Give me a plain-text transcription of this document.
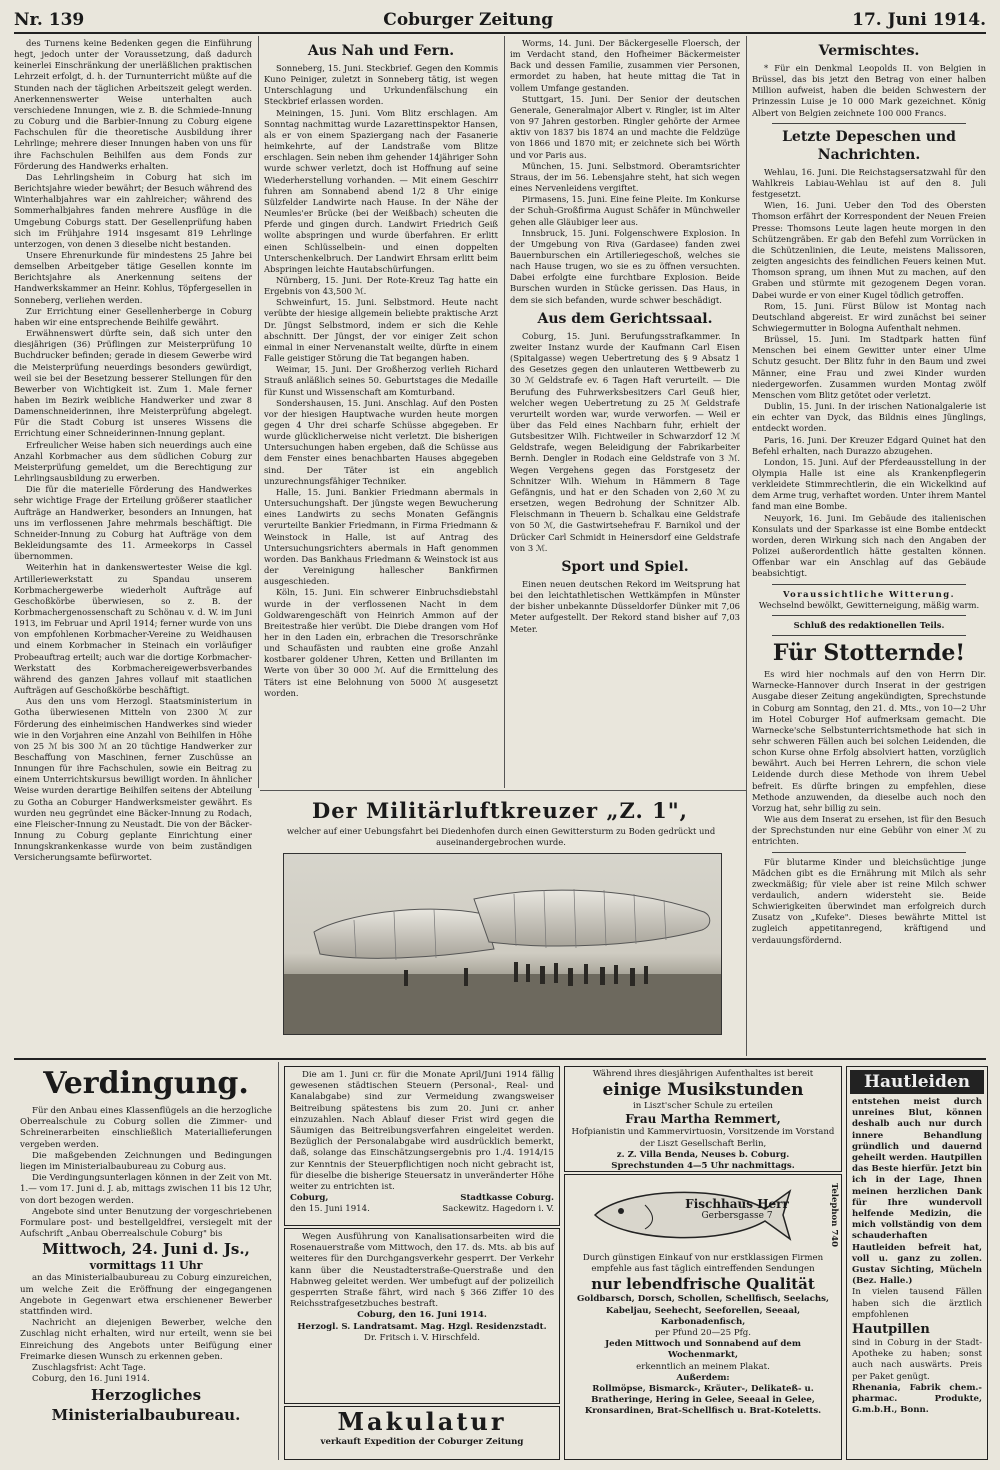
Nr. 139	Coburger Zeitung	17. Juni 1914.

des Turnens keine Bedenken gegen die Einführung hegt, jedoch unter der Voraussetzung, daß dadurch keinerlei Einschränkung der unerläßlichen praktischen Lehrzeit erfolgt, d. h. der Turnunterricht müßte auf die Stunden nach der täglichen Arbeitszeit gelegt werden. Anerkennenswerter Weise unterhalten auch verschiedene Innungen, wie z. B. die Schmiede-Innung zu Coburg und die Barbier-Innung zu Coburg eigene Fachschulen für die theoretische Ausbildung ihrer Lehrlinge; mehrere dieser Innungen haben von uns für ihre Fachschulen Beihilfen aus dem Fonds zur Förderung des Handwerks erhalten.

Das Lehrlingsheim in Coburg hat sich im Berichtsjahre wieder bewährt; der Besuch während des Winterhalbjahres war ein zahlreicher; während des Sommerhalbjahres fanden mehrere Ausflüge in die Umgebung Coburgs statt. Der Gesellenprüfung haben sich im Frühjahre 1914 insgesamt 819 Lehrlinge unterzogen, von denen 3 dieselbe nicht bestanden.

Unsere Ehrenurkunde für mindestens 25 Jahre bei demselben Arbeitgeber tätige Gesellen konnte im Berichtsjahre als Anerkennung seitens der Handwerkskammer an Heinr. Kohlus, Töpfergesellen in Sonneberg, verliehen werden.

Zur Errichtung einer Gesellenherberge in Coburg haben wir eine entsprechende Beihilfe gewährt.

Erwähnenswert dürfte sein, daß sich unter den diesjährigen (36) Prüflingen zur Meisterprüfung 10 Buchdrucker befinden; gerade in diesem Gewerbe wird die Meisterprüfung neuerdings besonders gewürdigt, weil sie bei der Besetzung besserer Stellungen für den Bewerber von Wichtigkeit ist. Zum 1. Male ferner haben im Bezirk weibliche Handwerker und zwar 8 Damenschneiderinnen, ihre Meisterprüfung abgelegt. Für die Stadt Coburg ist unseres Wissens die Errichtung einer Schneiderinnen-Innung geplant.

Erfreulicher Weise haben sich neuerdings auch eine Anzahl Korbmacher aus dem südlichen Coburg zur Meisterprüfung gemeldet, um die Berechtigung zur Lehrlingsausbildung zu erwerben.

Die für die materielle Förderung des Handwerkes sehr wichtige Frage der Erteilung größerer staatlicher Aufträge an Handwerker, besonders an Innungen, hat uns im verflossenen Jahre mehrmals beschäftigt. Die Schneider-Innung zu Coburg hat Aufträge von dem Bekleidungsamte des 11. Armeekorps in Cassel übernommen.

Weiterhin hat in dankenswertester Weise die kgl. Artilleriewerkstatt zu Spandau unserem Korbmachergewerbe wiederholt Aufträge auf Geschoßkörbe überwiesen, so z. B. der Korbmachergenossenschaft zu Schönau v. d. W. im Juni 1913, im Februar und April 1914; ferner wurde von uns von empfohlenen Korbmacher-Vereine zu Weidhausen und einem Korbmacher in Steinach ein vorläufiger Probeauftrag erteilt; auch war die dortige Korbmacher-Werkstatt des Korbmachereigewerbsverbandes während des ganzen Jahres vollauf mit staatlichen Aufträgen auf Geschoßkörbe beschäftigt.

Aus den uns vom Herzogl. Staatsministerium in Gotha überwiesenen Mitteln von 2300 ℳ zur Förderung des einheimischen Handwerkes sind wieder wie in den Vorjahren eine Anzahl von Beihilfen in Höhe von 25 ℳ bis 300 ℳ an 20 tüchtige Handwerker zur Beschaffung von Maschinen, ferner Zuschüsse an Innungen für ihre Fachschulen, sowie ein Beitrag zu einem Unterrichtskursus bewilligt worden. In ähnlicher Weise wurden derartige Beihilfen seitens der Abteilung zu Gotha an Coburger Handwerksmeister gewährt. Es wurden neu gegründet eine Bäcker-Innung zu Rodach, eine Fleischer-Innung zu Neustadt. Die von der Bäcker-Innung zu Coburg geplante Einrichtung einer Innungskrankenkasse wurde von beim zuständigen Versicherungsamte befürwortet.

Aus Nah und Fern.

Sonneberg, 15. Juni. Steckbrief. Gegen den Kommis Kuno Peiniger, zuletzt in Sonneberg tätig, ist wegen Unterschlagung und Urkundenfälschung ein Steckbrief erlassen worden.

Meiningen, 15. Juni. Vom Blitz erschlagen. Am Sonntag nachmittag wurde Lazarettinspektor Hansen, als er von einem Spaziergang nach der Fasanerie heimkehrte, auf der Landstraße vom Blitze erschlagen. Sein neben ihm gehender 14jähriger Sohn wurde schwer verletzt, doch ist Hoffnung auf seine Wiederherstellung vorhanden. — Mit einem Geschirr fuhren am Sonnabend abend 1/2 8 Uhr einige Sülzfelder Landwirte nach Hause. In der Nähe der Neumles'er Brücke (bei der Weißbach) scheuten die Pferde und gingen durch. Landwirt Friedrich Geiß wollte abspringen und wurde überfahren. Er erlitt einen Schlüsselbein- und einen doppelten Unterschenkelbruch. Der Landwirt Ehrsam erlitt beim Abspringen leichte Hautabschürfungen.

Nürnberg, 15. Juni. Der Rote-Kreuz Tag hatte ein Ergebnis von 43,500 ℳ.

Schweinfurt, 15. Juni. Selbstmord. Heute nacht verübte der hiesige allgemein beliebte praktische Arzt Dr. Jüngst Selbstmord, indem er sich die Kehle abschnitt. Der Jüngst, der vor einiger Zeit schon einmal in einer Nervenanstalt weilte, dürfte in einem Falle geistiger Störung die Tat begangen haben.

Weimar, 15. Juni. Der Großherzog verlieh Richard Strauß anläßlich seines 50. Geburtstages die Medaille für Kunst und Wissenschaft am Komturband.

Sondershausen, 15. Juni. Anschlag. Auf den Posten vor der hiesigen Hauptwache wurden heute morgen gegen 4 Uhr drei scharfe Schüsse abgegeben. Er wurde glücklicherweise nicht verletzt. Die bisherigen Untersuchungen haben ergeben, daß die Schüsse aus dem Fenster eines benachbarten Hauses abgegeben sind. Der Täter ist ein angeblich unzurechnungsfähiger Techniker.

Halle, 15. Juni. Bankier Friedmann abermals in Untersuchungshaft. Der jüngste wegen Bewucherung eines Landwirts zu sechs Monaten Gefängnis verurteilte Bankier Friedmann, in Firma Friedmann & Weinstock in Halle, ist auf Antrag des Untersuchungsrichters abermals in Haft genommen worden. Das Bankhaus Friedmann & Weinstock ist aus der Vereinigung hallescher Bankfirmen ausgeschieden.

Köln, 15. Juni. Ein schwerer Einbruchsdiebstahl wurde in der verflossenen Nacht in dem Goldwarengeschäft von Heinrich Ammon auf der Breitestraße hier verübt. Die Diebe drangen vom Hof her in den Laden ein, erbrachen die Tresorschränke und Schaufästen und raubten eine große Anzahl kostbarer goldener Uhren, Ketten und Brillanten im Werte von über 30 000 ℳ. Auf die Ermittelung des Täters ist eine Belohnung von 5000 ℳ ausgesetzt worden.

Worms, 14. Juni. Der Bäckergeselle Floersch, der im Verdacht stand, den Hofheimer Bäckermeister Back und dessen Familie, zusammen vier Personen, ermordet zu haben, hat heute mittag die Tat in vollem Umfange gestanden.

Stuttgart, 15. Juni. Der Senior der deutschen Generale, Generalmajor Albert v. Ringler, ist im Alter von 97 Jahren gestorben. Ringler gehörte der Armee aktiv von 1837 bis 1874 an und machte die Feldzüge von 1866 und 1870 mit; er zeichnete sich bei Wörth und vor Paris aus.

München, 15. Juni. Selbstmord. Oberamtsrichter Straus, der im 56. Lebensjahre steht, hat sich wegen eines Nervenleidens vergiftet.

Pirmasens, 15. Juni. Eine feine Pleite. Im Konkurse der Schuh-Großfirma August Schäfer in Münchweiler gehen alle Gläubiger leer aus.

Innsbruck, 15. Juni. Folgenschwere Explosion. In der Umgebung von Riva (Gardasee) fanden zwei Bauernburschen ein Artilleriegeschoß, welches sie nach Hause trugen, wo sie es zu öffnen versuchten. Dabei erfolgte eine furchtbare Explosion. Beide Burschen wurden in Stücke gerissen. Das Haus, in dem sie sich befanden, wurde schwer beschädigt.

Aus dem Gerichtssaal.

Coburg, 15. Juni. Berufungsstrafkammer. In zweiter Instanz wurde der Kaufmann Carl Eisen (Spitalgasse) wegen Uebertretung des § 9 Absatz 1 des Gesetzes gegen den unlauteren Wettbewerb zu 30 ℳ Geldstrafe ev. 6 Tagen Haft verurteilt. — Die Berufung des Fuhrwerksbesitzers Carl Geuß hier, welcher wegen Uebertretung zu 25 ℳ Geldstrafe verurteilt worden war, wurde verworfen. — Weil er über das Feld eines Nachbarn fuhr, erhielt der Gutsbesitzer Wilh. Fichtweiler in Schwarzdorf 12 ℳ Geldstrafe, wegen Beleidigung der Fabrikarbeiter Bernh. Dengler in Rodach eine Geldstrafe von 3 ℳ. Wegen Vergehens gegen das Forstgesetz der Schnitzer Wilh. Wiehum in Hämmern 8 Tage Gefängnis, und hat er den Schaden von 2,60 ℳ zu ersetzen, wegen Bedrohung der Schnitzer Alb. Fleischmann in Theuern b. Schalkau eine Geldstrafe von 50 ℳ, die Gastwirtsehefrau F. Barnikol und der Drücker Carl Schmidt in Heinersdorf eine Geldstrafe von 3 ℳ.

Sport und Spiel.

Einen neuen deutschen Rekord im Weitsprung hat bei den leichtathletischen Wettkämpfen in Münster der bisher unbekannte Düsseldorfer Dünker mit 7,06 Meter aufgestellt. Der Rekord stand bisher auf 7,03 Meter.

Vermischtes.

* Für ein Denkmal Leopolds II. von Belgien in Brüssel, das bis jetzt den Betrag von einer halben Million aufweist, haben die beiden Schwestern der Prinzessin Luise je 10 000 Mark gezeichnet. König Albert von Belgien zeichnete 100 000 Francs.

Letzte Depeschen und Nachrichten.

Wehlau, 16. Juni. Die Reichstagsersatzwahl für den Wahlkreis Labiau-Wehlau ist auf den 8. Juli festgesetzt.

Wien, 16. Juni. Ueber den Tod des Obersten Thomson erfährt der Korrespondent der Neuen Freien Presse: Thomsons Leute lagen heute morgen in den Schützengräben. Er gab den Befehl zum Vorrücken in die Schützenlinien, die Leute, meistens Malissoren, zeigten angesichts des feindlichen Feuers keinen Mut. Thomson sprang, um ihnen Mut zu machen, auf den Graben und stürmte mit gezogenem Degen voran. Dabei wurde er von einer Kugel tödlich getroffen.

Rom, 15. Juni. Fürst Bülow ist Montag nach Deutschland abgereist. Er wird zunächst bei seiner Schwiegermutter in Bologna Aufenthalt nehmen.

Brüssel, 15. Juni. Im Stadtpark hatten fünf Menschen bei einem Gewitter unter einer Ulme Schutz gesucht. Der Blitz fuhr in den Baum und zwei Männer, eine Frau und zwei Kinder wurden niedergeworfen. Zusammen wurden Montag zwölf Menschen vom Blitz getötet oder verletzt.

Dublin, 15. Juni. In der irischen Nationalgalerie ist ein echter van Dyck, das Bildnis eines Jünglings, entdeckt worden.

Paris, 16. Juni. Der Kreuzer Edgard Quinet hat den Befehl erhalten, nach Durazzo abzugehen.

London, 15. Juni. Auf der Pferdeausstellung in der Olympia Halle ist eine als Krankenpflegerin verkleidete Stimmrechtlerin, die ein Wickelkind auf dem Arme trug, verhaftet worden. Unter ihrem Mantel fand man eine Bombe.

Neuyork, 16. Juni. Im Gebäude des italienischen Konsulats und der Sparkasse ist eine Bombe entdeckt worden, deren Wirkung sich nach den Angaben der Polizei außerordentlich hätte gestalten können. Offenbar war ein Anschlag auf das Gebäude beabsichtigt.

Voraussichtliche Witterung.

Wechselnd bewölkt, Gewitterneigung, mäßig warm.

Schluß des redaktionellen Teils.

Für Stotternde!

Es wird hier nochmals auf den von Herrn Dir. Warnecke-Hannover durch Inserat in der gestrigen Ausgabe dieser Zeitung angekündigten, Sprechstunde in Coburg am Sonntag, den 21. d. Mts., von 10—2 Uhr im Hotel Coburger Hof aufmerksam gemacht. Die Warnecke'sche Selbstunterrichtsmethode hat sich in sehr schweren Fällen auch bei solchen Leidenden, die schon Kurse ohne Erfolg absolviert hatten, vorzüglich bewährt. Auch bei Herren Lehrern, die schon viele Leidende durch diese Methode von ihrem Uebel befreit. Es dürfte bringen zu empfehlen, diese Methode anzuwenden, da dieselbe auch noch den Vorzug hat, sehr billig zu sein.

Wie aus dem Inserat zu ersehen, ist für den Besuch der Sprechstunden nur eine Gebühr von einer ℳ zu entrichten.

Für blutarme Kinder und bleichsüchtige junge Mädchen gibt es die Ernährung mit Milch als sehr zweckmäßig; für viele aber ist reine Milch schwer verdaulich, andern widersteht sie. Beide Schwierigkeiten überwindet man erfolgreich durch Zusatz von „Kufeke". Dieses bewährte Mittel ist zugleich appetitanregend, kräftigend und verdauungsfördernd.

Der Militärluftkreuzer „Z. 1",
welcher auf einer Uebungsfahrt bei Diedenhofen durch einen Gewittersturm zu Boden gedrückt und auseinandergebrochen wurde.
Verdingung.

Für den Anbau eines Klassenflügels an die herzogliche Oberrealschule zu Coburg sollen die Zimmer- und Schreinerarbeiten einschließlich Materiallieferungen vergeben werden.

Die maßgebenden Zeichnungen und Bedingungen liegen im Ministerialbaubureau zu Coburg aus.

Die Verdingungsunterlagen können in der Zeit von Mt. 1.— vom 17. Juni d. J. ab, mittags zwischen 11 bis 12 Uhr, von dort bezogen werden.

Angebote sind unter Benutzung der vorgeschriebenen Formulare post- und bestellgeldfrei, versiegelt mit der Aufschrift „Anbau Oberrealschule Coburg" bis

Mittwoch, 24. Juni d. Js.,

vormittags 11 Uhr

an das Ministerialbaubureau zu Coburg einzureichen, um welche Zeit die Eröffnung der eingegangenen Angebote in Gegenwart etwa erschienener Bewerber stattfinden wird.

Nachricht an diejenigen Bewerber, welche den Zuschlag nicht erhalten, wird nur erteilt, wenn sie bei Einreichung des Angebots unter Beifügung einer Freimarke diesen Wunsch zu erkennen geben.

Zuschlagsfrist: Acht Tage.

Coburg, den 16. Juni 1914.

Herzogliches Ministerialbaubureau.

Die am 1. Juni cr. für die Monate April/Juni 1914 fällig gewesenen städtischen Steuern (Personal-, Real- und Kanalabgabe) sind zur Vermeidung zwangsweiser Beitreibung spätestens bis zum 20. Juni cr. anher einzuzahlen. Nach Ablauf dieser Frist wird gegen die Säumigen das Beitreibungsverfahren eingeleitet werden. Bezüglich der Personalabgabe wird ausdrücklich bemerkt, daß, solange das Einschätzungsergebnis pro 1./4. 1914/15 zur Kenntnis der Steuerpflichtigen noch nicht gebracht ist, für dieselbe die bisherige Steuersatz in unveränderter Höhe weiter zu entrichten ist.

Coburg,	Stadtkasse Coburg.

den 15. Juni 1914.	Sackewitz. Hagedorn i. V.

Wegen Ausführung von Kanalisationsarbeiten wird die Rosenauerstraße vom Mittwoch, den 17. ds. Mts. ab bis auf weiteres für den Durchgangsverkehr gesperrt. Der Verkehr kann über die Neustadterstraße-Querstraße und den Habnweg geleitet werden. Wer umbefugt auf der polizeilich gesperrten Straße fährt, wird nach § 366 Ziffer 10 des Reichsstrafgesetzbuches bestraft.

Coburg, den 16. Juni 1914.

Herzogl. S. Landratsamt. Mag. Hzgl. Residenzstadt.

Dr. Fritsch i. V. Hirschfeld.

Makulatur
verkauft Expedition der Coburger Zeitung

Während ihres diesjährigen Aufenthaltes ist bereit

einige Musikstunden

in Liszt'scher Schule zu erteilen

Frau Martha Remmert,

Hofpianistin und Kammervirtuosin, Vorsitzende im Vorstand der Liszt Gesellschaft Berlin,

z. Z. Villa Benda, Neuses b. Coburg.

Sprechstunden 4—5 Uhr nachmittags.

Fischhaus Herr
Gerbersgasse 7	Telephon 740

Durch günstigen Einkauf von nur erstklassigen Firmen empfehle aus fast täglich eintreffenden Sendungen

nur lebendfrische Qualität

Goldbarsch, Dorsch, Schollen, Schellfisch, Seelachs, Kabeljau, Seehecht, Seeforellen, Seeaal, Karbonadenfisch,

per Pfund 20—25 Pfg.

Jeden Mittwoch und Sonnabend auf dem Wochenmarkt,

erkenntlich an meinem Plakat.

Außerdem:

Rollmöpse, Bismarck-, Kräuter-, Delikateß- u. Bratheringe, Hering in Gelee, Seeaal in Gelee, Kronsardinen, Brat-Schellfisch u. Brat-Koteletts.

Hautleiden

entstehen meist durch unreines Blut, können deshalb auch nur durch innere Behandlung gründlich und dauernd geheilt werden. Hautpillen das Beste hierfür. Jetzt bin ich in der Lage, Ihnen meinen herzlichen Dank für Ihre wundervoll helfende Medizin, die mich vollständig von dem schauderhaften Hautleiden befreit hat, voll u. ganz zu zollen. Gustav Sichting, Mücheln (Bez. Halle.)

In vielen tausend Fällen haben sich die ärztlich empfohlenen

Hautpillen

sind in Coburg in der Stadt-Apotheke zu haben; sonst auch nach auswärts. Preis per Paket genügt.

Rhenania, Fabrik chem.-pharmac. Produkte, G.m.b.H., Bonn.
